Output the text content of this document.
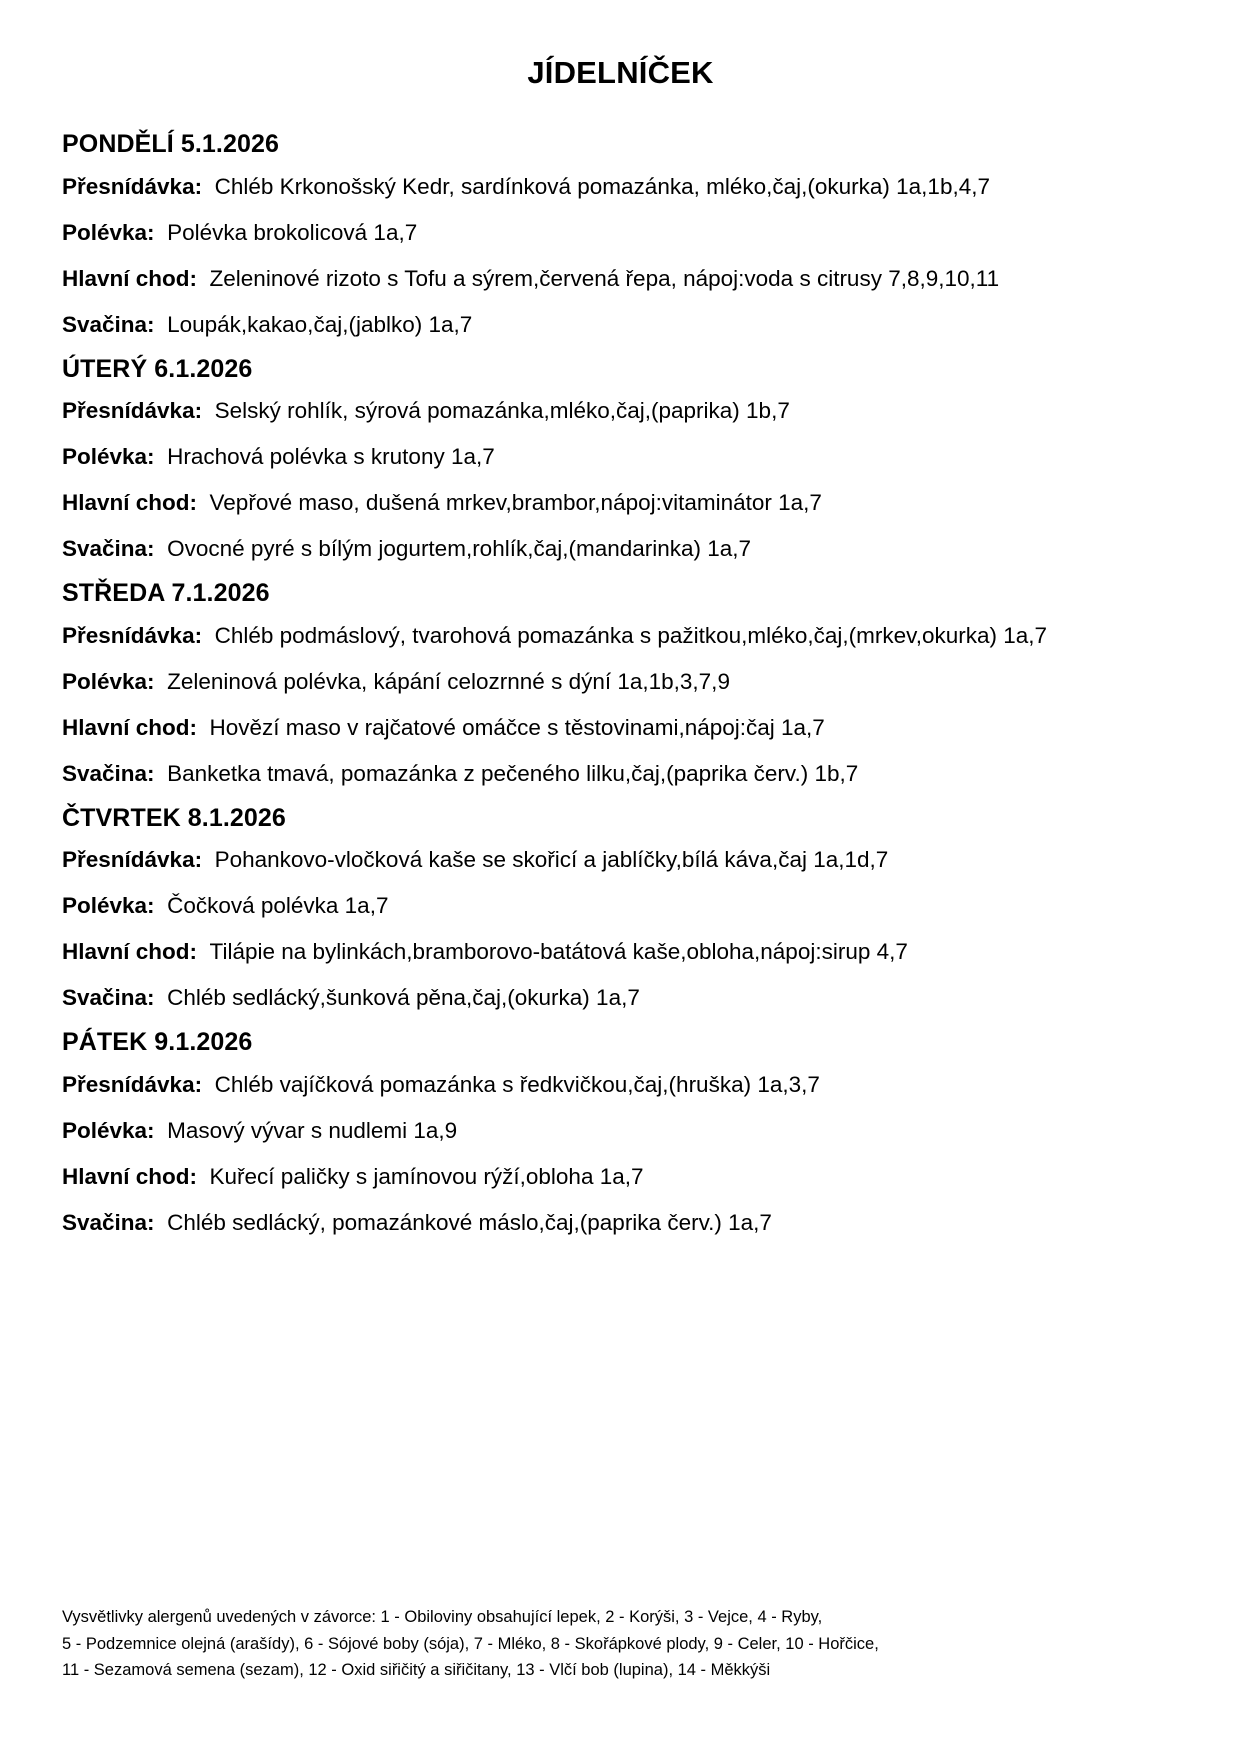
JÍDELNÍČEK
PONDĚLÍ 5.1.2026

Přesnídávka: Chléb Krkonošský Kedr, sardínková pomazánka, mléko,čaj,(okurka) 1a,1b,4,7

Polévka: Polévka brokolicová 1a,7

Hlavní chod: Zeleninové rizoto s Tofu a sýrem,červená řepa, nápoj:voda s citrusy 7,8,9,10,11

Svačina: Loupák,kakao,čaj,(jablko) 1a,7

ÚTERÝ 6.1.2026

Přesnídávka: Selský rohlík, sýrová pomazánka,mléko,čaj,(paprika) 1b,7

Polévka: Hrachová polévka s krutony 1a,7

Hlavní chod: Vepřové maso, dušená mrkev,brambor,nápoj:vitaminátor 1a,7

Svačina: Ovocné pyré s bílým jogurtem,rohlík,čaj,(mandarinka) 1a,7

STŘEDA 7.1.2026

Přesnídávka: Chléb podmáslový, tvarohová pomazánka s pažitkou,mléko,čaj,(mrkev,okurka) 1a,7

Polévka: Zeleninová polévka, kápání celozrnné s dýní 1a,1b,3,7,9

Hlavní chod: Hovězí maso v rajčatové omáčce s těstovinami,nápoj:čaj 1a,7

Svačina: Banketka tmavá, pomazánka z pečeného lilku,čaj,(paprika červ.) 1b,7

ČTVRTEK 8.1.2026

Přesnídávka: Pohankovo-vločková kaše se skořicí a jablíčky,bílá káva,čaj 1a,1d,7

Polévka: Čočková polévka 1a,7

Hlavní chod: Tilápie na bylinkách,bramborovo-batátová kaše,obloha,nápoj:sirup 4,7

Svačina: Chléb sedlácký,šunková pěna,čaj,(okurka) 1a,7

PÁTEK 9.1.2026

Přesnídávka: Chléb vajíčková pomazánka s ředkvičkou,čaj,(hruška) 1a,3,7

Polévka: Masový vývar s nudlemi 1a,9

Hlavní chod: Kuřecí paličky s jamínovou rýží,obloha 1a,7

Svačina: Chléb sedlácký, pomazánkové máslo,čaj,(paprika červ.) 1a,7

Vysvětlivky alergenů uvedených v závorce: 1 - Obiloviny obsahující lepek, 2 - Korýši, 3 - Vejce, 4 - Ryby,
5 - Podzemnice olejná (arašídy), 6 - Sójové boby (sója), 7 - Mléko, 8 - Skořápkové plody, 9 - Celer, 10 - Hořčice,
11 - Sezamová semena (sezam), 12 - Oxid siřičitý a siřičitany, 13 - Vlčí bob (lupina), 14 - Měkkýši
